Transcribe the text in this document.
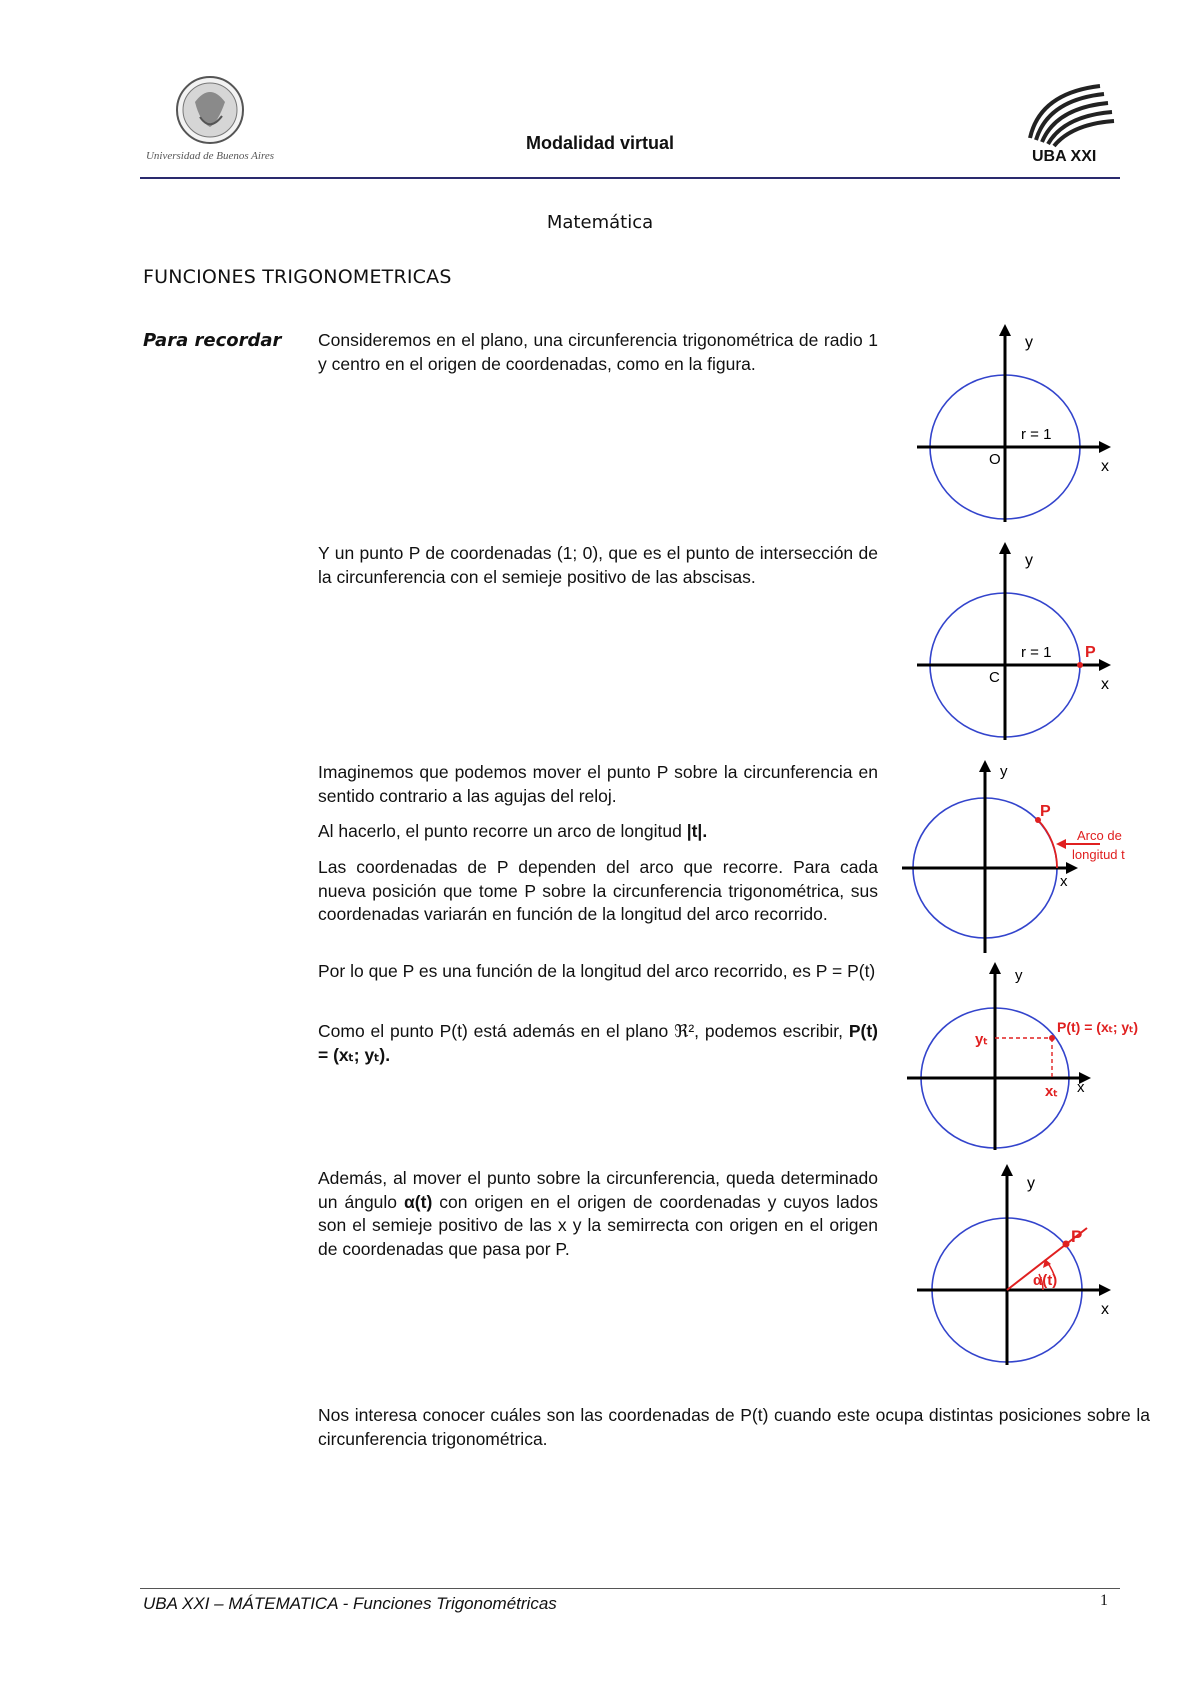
Universidad de Buenos Aires
Modalidad virtual
UBA XXI
Matemática
FUNCIONES TRIGONOMETRICAS
Para recordar Consideremos en el plano, una circunferencia trigonométrica de radio 1 y centro en el origen de coordenadas, como en la figura.
Y un punto P de coordenadas (1; 0), que es el punto de intersección de la circunferencia con el semieje positivo de las abscisas.
Imaginemos que podemos mover el punto P sobre la circunferencia en sentido contrario a las agujas del reloj.
Al hacerlo, el punto recorre un arco de longitud |t|.
Las coordenadas de P dependen del arco que recorre. Para cada nueva posición que tome P sobre la circunferencia trigonométrica, sus coordenadas variarán en función de la longitud del arco recorrido.
Por lo que P es una función de la longitud del arco recorrido, es P = P(t)
Como el punto P(t) está además en el plano ℜ², podemos escribir, P(t) = (xₜ; yₜ).
Además, al mover el punto sobre la circunferencia, queda determinado un ángulo α(t) con origen en el origen de coordenadas y cuyos lados son el semieje positivo de las x y la semirrecta con origen en el origen de coordenadas que pasa por P.
Nos interesa conocer cuáles son las coordenadas de P(t) cuando este ocupa distintas posiciones sobre la circunferencia trigonométrica.
y
x
O
r = 1
y
x
C
r = 1 P
y
x
P
Arco de
longitud t
y
x
P(t) = (xₜ; yₜ)
yₜ
xₜ
y
x
P
α(t)
UBA XXI – MÁTEMATICA - Funciones Trigonométricas	1
